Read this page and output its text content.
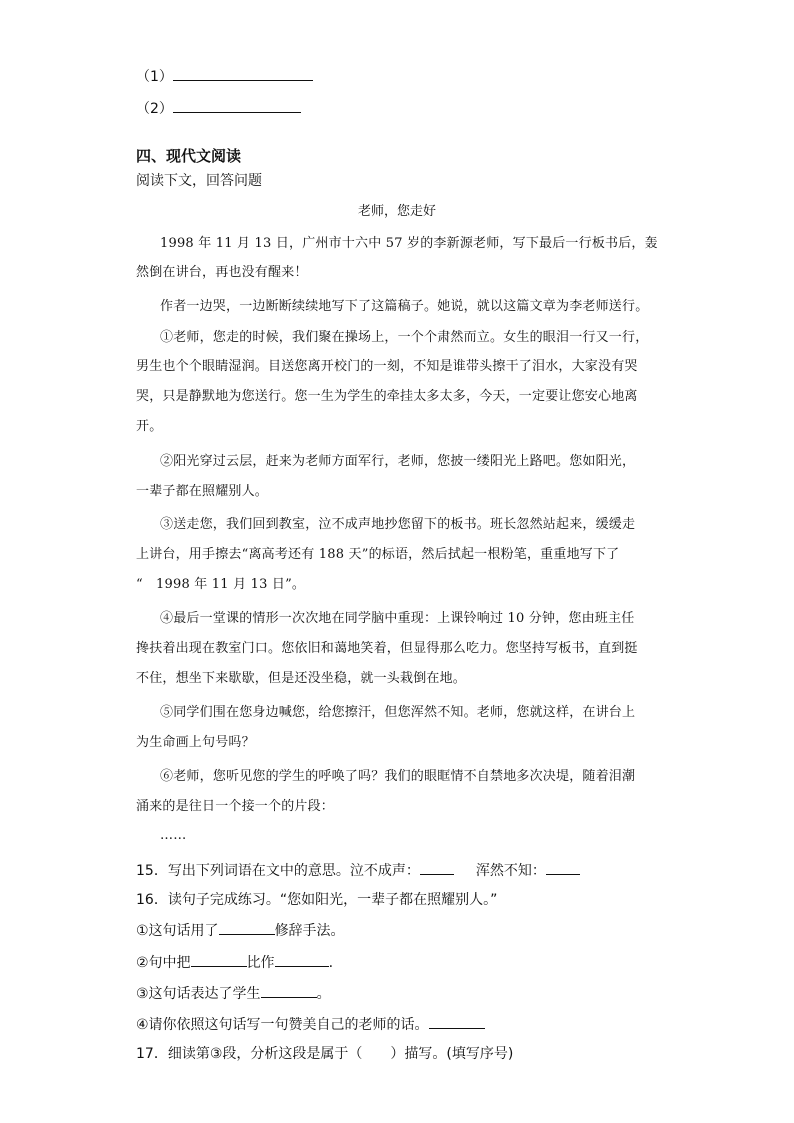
（1）
（2）
四、现代文阅读
阅读下文，回答问题
老师，您走好
1998 年 11 月 13 日，广州市十六中 57 岁的李新源老师，写下最后一行板书后，轰
然倒在讲台，再也没有醒来！
作者一边哭，一边断断续续地写下了这篇稿子。她说，就以这篇文章为李老师送行。
①老师，您走的时候，我们聚在操场上，一个个肃然而立。女生的眼泪一行又一行，
男生也个个眼睛湿润。目送您离开校门的一刻，不知是谁带头擦干了泪水，大家没有哭
哭，只是静默地为您送行。您一生为学生的牵挂太多太多，今天，一定要让您安心地离
开。
②阳光穿过云层，赶来为老师方面军行，老师，您披一缕阳光上路吧。您如阳光，
一辈子都在照耀别人。
③送走您，我们回到教室，泣不成声地抄您留下的板书。班长忽然站起来，缓缓走
上讲台，用手擦去“离高考还有 188 天”的标语，然后拭起一根粉笔，重重地写下了
“　1998 年 11 月 13 日”。
④最后一堂课的情形一次次地在同学脑中重现：上课铃响过 10 分钟，您由班主任
搀扶着出现在教室门口。您依旧和蔼地笑着，但显得那么吃力。您坚持写板书，直到挺
不住，想坐下来歇歇，但是还没坐稳，就一头栽倒在地。
⑤同学们围在您身边喊您，给您擦汗，但您浑然不知。老师，您就这样，在讲台上
为生命画上句号吗？
⑥老师，您听见您的学生的呼唤了吗？我们的眼眶情不自禁地多次决堤，随着泪潮
涌来的是往日一个接一个的片段：
……
15．写出下列词语在文中的意思。泣不成声：	浑然不知：
16．读句子完成练习。“您如阳光，一辈子都在照耀别人。”
①这句话用了	修辞手法。
②句中把	比作	.
③这句话表达了学生	。
④请你依照这句话写一句赞美自己的老师的话。
17．细读第③段，分析这段是属于（　　）描写。(填写序号)
